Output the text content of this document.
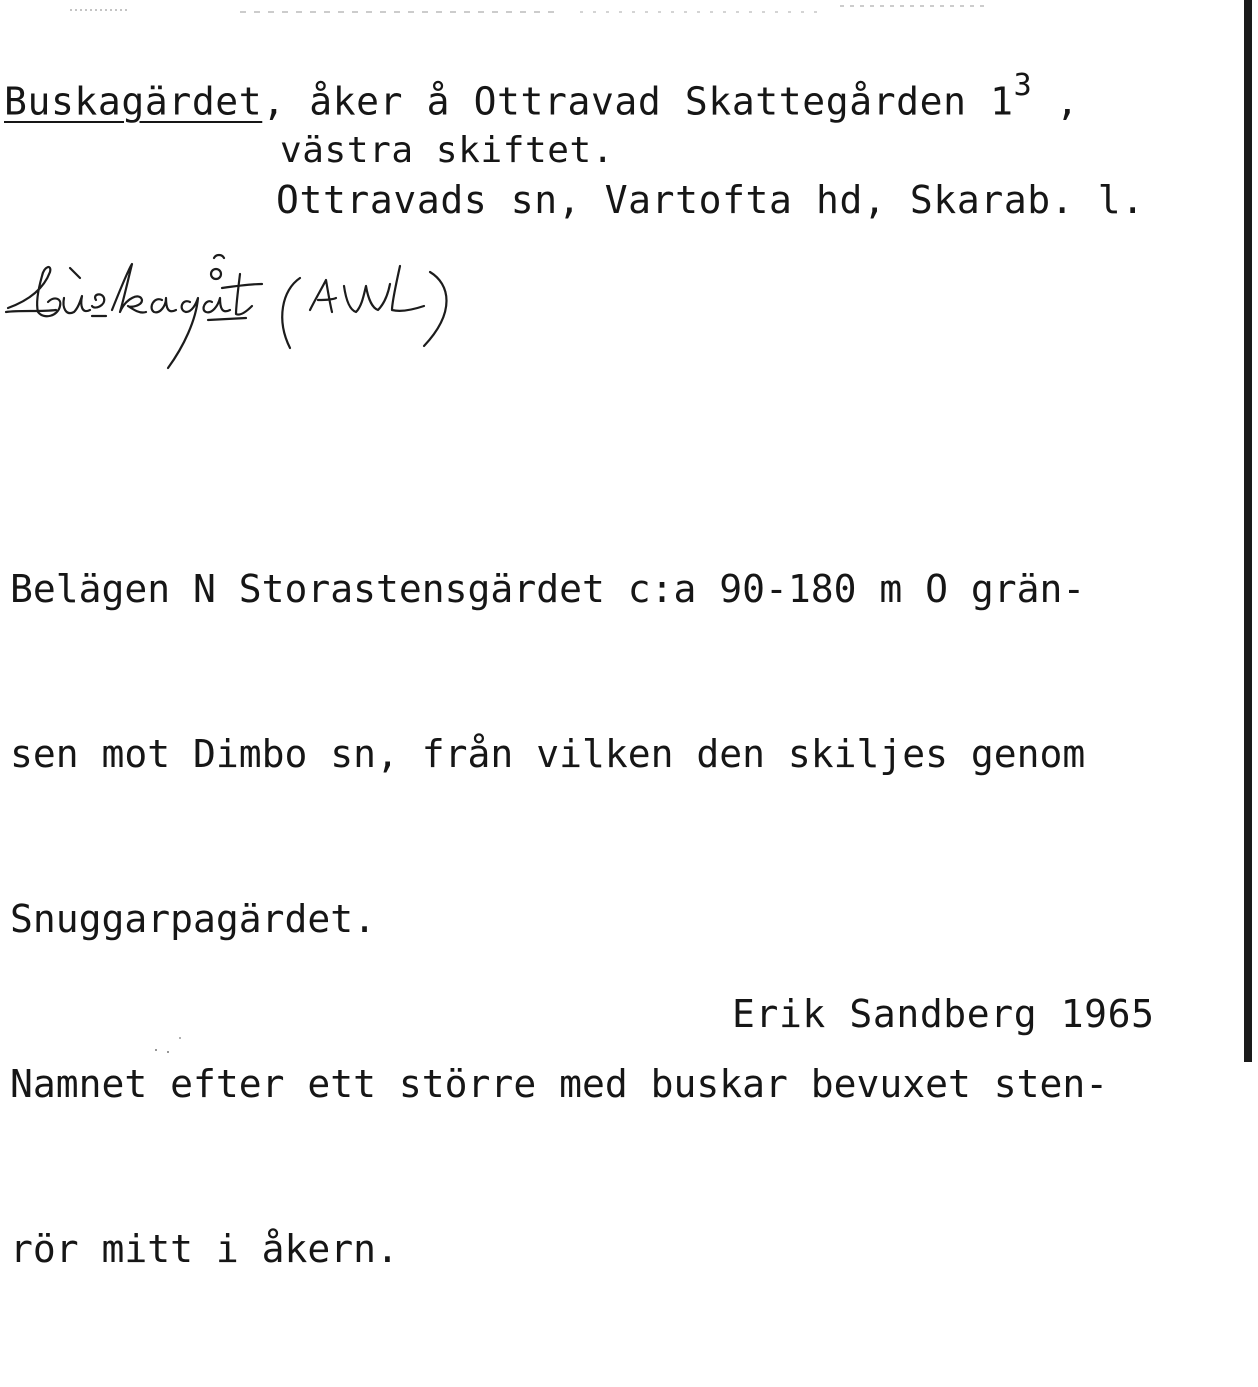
Buskagärdet, åker å Ottravad Skattegården $1^3$ ,
västra skiftet.
Ottravads sn, Vartofta hd, Skarab. l.

Belägen N Storastensgärdet c:a 90-180 m O grän-

sen mot Dimbo sn, från vilken den skiljes genom

Snuggarpagärdet.

Namnet efter ett större med buskar bevuxet sten-

rör mitt i åkern.

Erik Sandberg 1965
